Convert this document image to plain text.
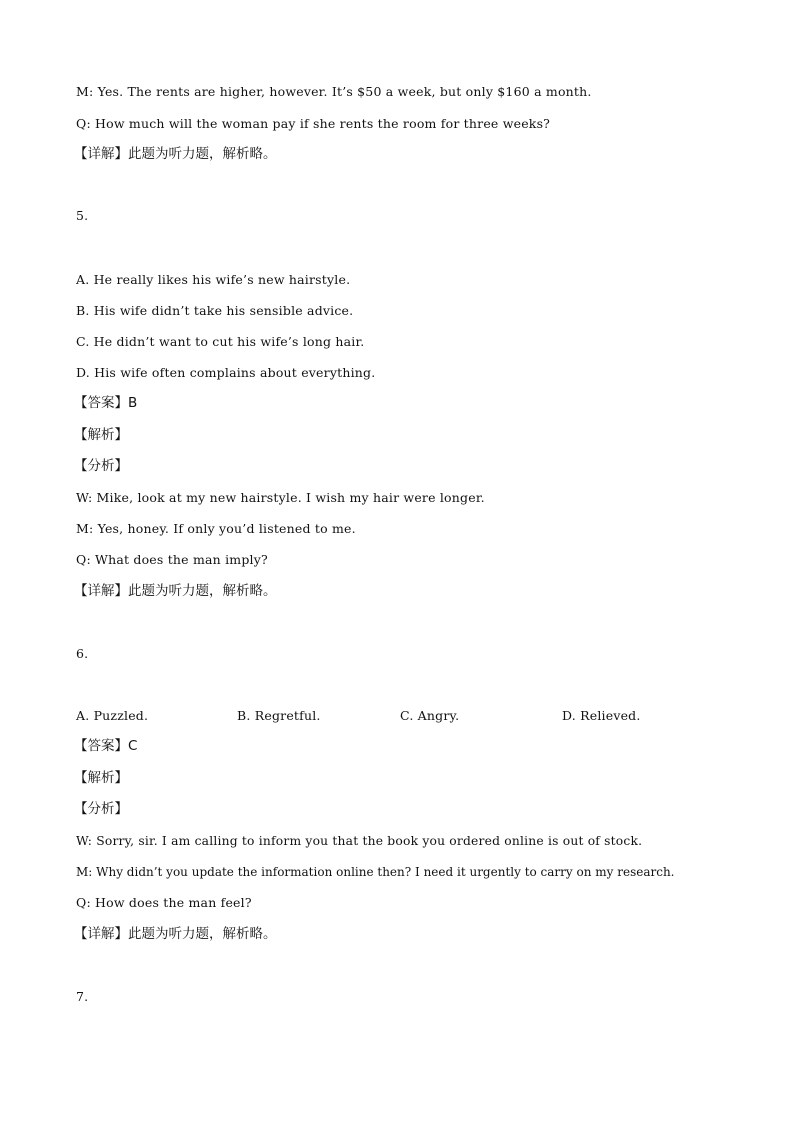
M: Yes. The rents are higher, however. It’s $50 a week, but only $160 a month.
Q: How much will the woman pay if she rents the room for three weeks?
【详解】此题为听力题，解析略。
5.
A. He really likes his wife’s new hairstyle.
B. His wife didn’t take his sensible advice.
C. He didn’t want to cut his wife’s long hair.
D. His wife often complains about everything.
【答案】B
【解析】
【分析】
W: Mike, look at my new hairstyle. I wish my hair were longer.
M: Yes, honey. If only you’d listened to me.
Q: What does the man imply?
【详解】此题为听力题，解析略。
6.
A. Puzzled.	B. Regretful.	C. Angry.	D. Relieved.
【答案】C
【解析】
【分析】
W: Sorry, sir. I am calling to inform you that the book you ordered online is out of stock.
M: Why didn’t you update the information online then? I need it urgently to carry on my research.
Q: How does the man feel?
【详解】此题为听力题，解析略。
7.
